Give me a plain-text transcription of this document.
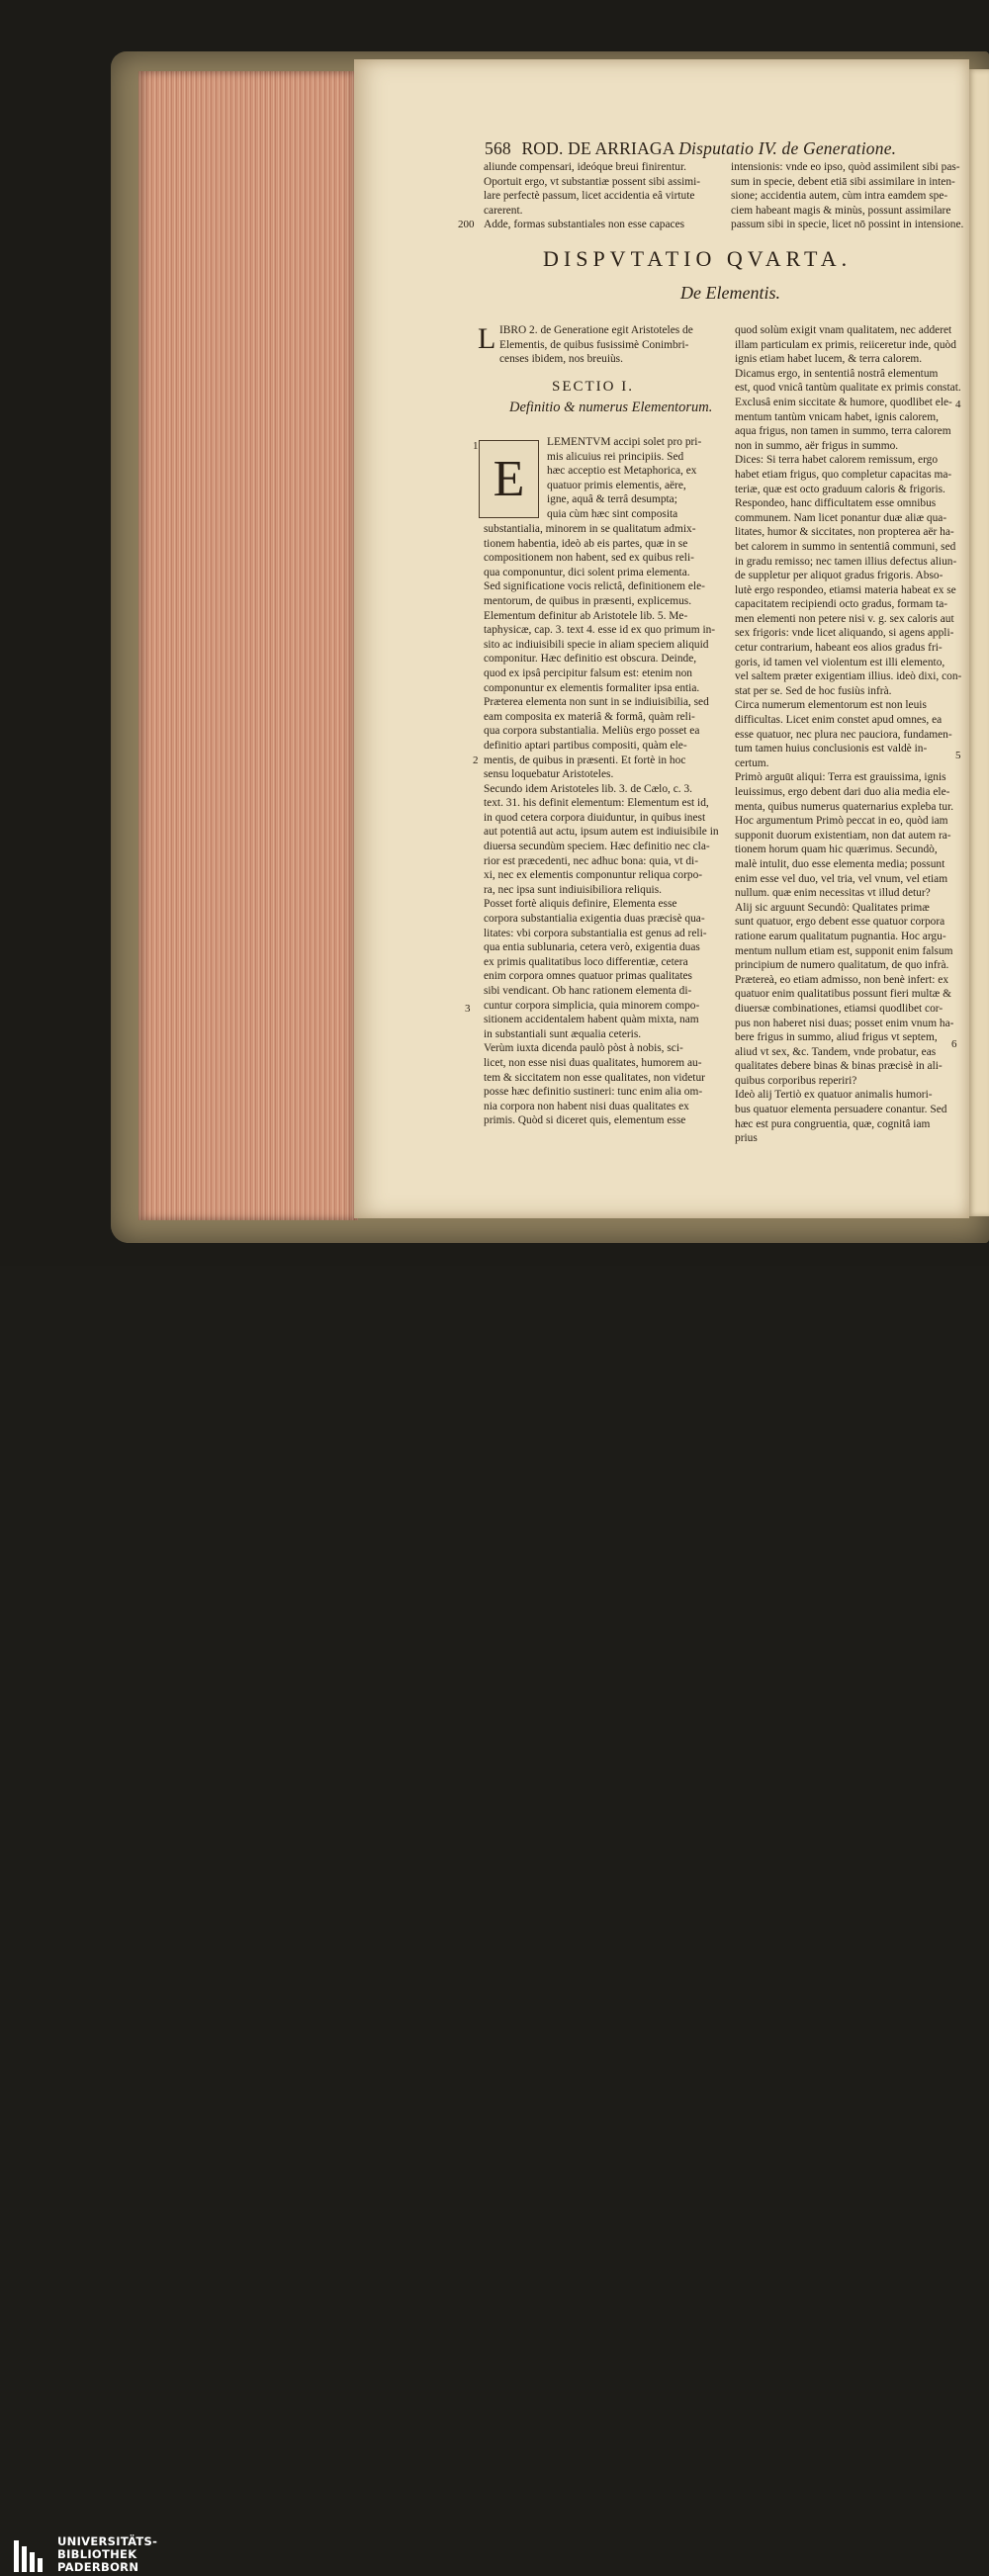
568 ROD. DE ARRIAGA Disputatio IV. de Generatione.
aliunde compensari, ideóque breui finirentur.
Oportuit ergo, vt substantiæ possent sibi assimi-
lare perfectè passum, licet accidentia eâ virtute
carerent.
Adde, formas substantiales non esse capaces
200
intensionis: vnde eo ipso, quòd assimilent sibi pas-
sum in specie, debent etiā sibi assimilare in inten-
sione; accidentia autem, cùm intra eamdem spe-
ciem habeant magis & minùs, possunt assimilare
passum sibi in specie, licet nō possint in intensione.
DISPVTATIO QVARTA.
De Elementis.
L IBRO 2. de Generatione egit Aristoteles de
Elementis, de quibus fusissimè Conimbri-
censes ibidem, nos breuiùs.
SECTIO I.
Definitio & numerus Elementorum.
E
1	LEMENTVM accipi solet pro pri-
mis alicuius rei principiis. Sed
hæc acceptio est Metaphorica, ex
quatuor primis elementis, aëre,
igne, aquâ & terrâ desumpta;
quia cùm hæc sint composita
substantialia, minorem in se qualitatum admix-
tionem habentia, ideò ab eis partes, quæ in se
compositionem non habent, sed ex quibus reli-
qua componuntur, dici solent prima elementa.
Sed significatione vocis relictâ, definitionem ele-
mentorum, de quibus in præsenti, explicemus.
Elementum definitur ab Aristotele lib. 5. Me-
taphysicæ, cap. 3. text 4. esse id ex quo primum in-
sito ac indiuisibili specie in aliam speciem aliquid
componitur. Hæc definitio est obscura. Deinde,
quod ex ipsâ percipitur falsum est: etenim non
componuntur ex elementis formaliter ipsa entia.
Præterea elementa non sunt in se indiuisibilia, sed
eam composita ex materiâ & formâ, quàm reli-
qua corpora substantialia. Meliùs ergo posset ea
definitio aptari partibus compositi, quàm ele-
mentis, de quibus in præsenti. Et fortè in hoc
sensu loquebatur Aristoteles.
Secundo idem Aristoteles lib. 3. de Cælo, c. 3.
text. 31. his definit elementum: Elementum est id,
in quod cetera corpora diuiduntur, in quibus inest
aut potentiâ aut actu, ipsum autem est indiuisibile in
diuersa secundùm speciem. Hæc definitio nec cla-
rior est præcedenti, nec adhuc bona: quia, vt di-
xi, nec ex elementis componuntur reliqua corpo-
ra, nec ipsa sunt indiuisibiliora reliquis.
Posset fortè aliquis definire, Elementa esse
corpora substantialia exigentia duas præcisè qua-
litates: vbi corpora substantialia est genus ad reli-
qua entia sublunaria, cetera verò, exigentia duas
ex primis qualitatibus loco differentiæ, cetera
enim corpora omnes quatuor primas qualitates
sibi vendicant. Ob hanc rationem elementa di-
cuntur corpora simplicia, quia minorem compo-
sitionem accidentalem habent quàm mixta, nam
in substantiali sunt æqualia ceteris.
Verùm iuxta dicenda paulò pòst à nobis, sci-
licet, non esse nisi duas qualitates, humorem au-
tem & siccitatem non esse qualitates, non videtur
posse hæc definitio sustineri: tunc enim alia om-
nia corpora non habent nisi duas qualitates ex
primis. Quòd si diceret quis, elementum esse
2
3
quod solùm exigit vnam qualitatem, nec adderet
illam particulam ex primis, reiiceretur inde, quòd
ignis etiam habet lucem, & terra calorem.
Dicamus ergo, in sententiâ nostrâ elementum
est, quod vnicâ tantùm qualitate ex primis constat.
Exclusâ enim siccitate & humore, quodlibet ele-
mentum tantùm vnicam habet, ignis calorem,
aqua frigus, non tamen in summo, terra calorem
non in summo, aër frigus in summo.
Dices: Si terra habet calorem remissum, ergo
habet etiam frigus, quo completur capacitas ma-
teriæ, quæ est octo graduum caloris & frigoris.
Respondeo, hanc difficultatem esse omnibus
communem. Nam licet ponantur duæ aliæ qua-
litates, humor & siccitates, non propterea aër ha-
bet calorem in summo in sententiâ communi, sed
in gradu remisso; nec tamen illius defectus aliun-
de suppletur per aliquot gradus frigoris. Abso-
lutè ergo respondeo, etiamsi materia habeat ex se
capacitatem recipiendi octo gradus, formam ta-
men elementi non petere nisi v. g. sex caloris aut
sex frigoris: vnde licet aliquando, si agens appli-
cetur contrarium, habeant eos alios gradus fri-
goris, id tamen vel violentum est illi elemento,
vel saltem præter exigentiam illius. ideò dixi, con-
stat per se. Sed de hoc fusiùs infrà.
Circa numerum elementorum est non leuis
difficultas. Licet enim constet apud omnes, ea
esse quatuor, nec plura nec pauciora, fundamen-
tum tamen huius conclusionis est valdè in-
certum.
Primò arguūt aliqui: Terra est grauissima, ignis
leuissimus, ergo debent dari duo alia media ele-
menta, quibus numerus quaternarius expleba tur.
Hoc argumentum Primò peccat in eo, quòd iam
supponit duorum existentiam, non dat autem ra-
tionem horum quam hic quærimus. Secundò,
malè intulit, duo esse elementa media; possunt
enim esse vel duo, vel tria, vel vnum, vel etiam
nullum. quæ enim necessitas vt illud detur?
Alij sic arguunt Secundò: Qualitates primæ
sunt quatuor, ergo debent esse quatuor corpora
ratione earum qualitatum pugnantia. Hoc argu-
mentum nullum etiam est, supponit enim falsum
principium de numero qualitatum, de quo infrà.
Prætereà, eo etiam admisso, non benè infert: ex
quatuor enim qualitatibus possunt fieri multæ &
diuersæ combinationes, etiamsi quodlibet cor-
pus non haberet nisi duas; posset enim vnum ha-
bere frigus in summo, aliud frigus vt septem,
aliud vt sex, &c. Tandem, vnde probatur, eas
qualitates debere binas & binas præcisè in ali-
quibus corporibus reperiri?
Ideò alij Tertiò ex quatuor animalis humori-
bus quatuor elementa persuadere conantur. Sed
hæc est pura congruentia, quæ, cognitâ iam
prius
4
5
6
UNIVERSITÄTS-
BIBLIOTHEK
PADERBORN
